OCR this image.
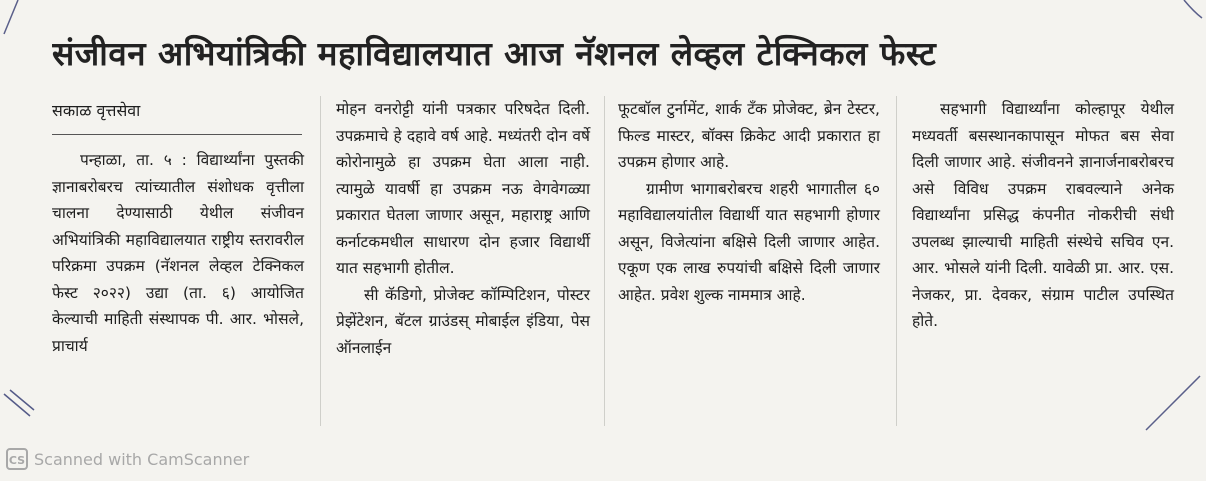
संजीवन अभियांत्रिकी महाविद्यालयात आज नॅशनल लेव्हल टेक्निकल फेस्ट
सकाळ वृत्तसेवा

पन्हाळा, ता. ५ : विद्यार्थ्यांना पुस्तकी ज्ञानाबरोबरच त्यांच्यातील संशोधक वृत्तीला चालना देण्यासाठी येथील संजीवन अभियांत्रिकी महाविद्यालयात राष्ट्रीय स्तरावरील परिक्रमा उपक्रम (नॅशनल लेव्हल टेक्निकल फेस्ट २०२२) उद्या (ता. ६) आयोजित केल्याची माहिती संस्थापक पी. आर. भोसले, प्राचार्य

मोहन वनरोट्टी यांनी पत्रकार परिषदेत दिली. उपक्रमाचे हे दहावे वर्ष आहे. मध्यंतरी दोन वर्षे कोरोनामुळे हा उपक्रम घेता आला नाही. त्यामुळे यावर्षी हा उपक्रम नऊ वेगवेगळ्या प्रकारात घेतला जाणार असून, महाराष्ट्र आणि कर्नाटकमधील साधारण दोन हजार विद्यार्थी यात सहभागी होतील.

सी कॅडिगो, प्रोजेक्ट कॉम्पिटिशन, पोस्टर प्रेझेंटेशन, बॅटल ग्राउंडस् मोबाईल इंडिया, पेस ऑनलाईन

फूटबॉल टुर्नामेंट, शार्क टँक प्रोजेक्ट, ब्रेन टेस्टर, फिल्ड मास्टर, बॉक्स क्रिकेट आदी प्रकारात हा उपक्रम होणार आहे.

ग्रामीण भागाबरोबरच शहरी भागातील ६० महाविद्यालयांतील विद्यार्थी यात सहभागी होणार असून, विजेत्यांना बक्षिसे दिली जाणार आहेत. एकूण एक लाख रुपयांची बक्षिसे दिली जाणार आहेत. प्रवेश शुल्क नाममात्र आहे.

सहभागी विद्यार्थ्यांना कोल्हापूर येथील मध्यवर्ती बसस्थानकापासून मोफत बस सेवा दिली जाणार आहे. संजीवनने ज्ञानार्जनाबरोबरच असे विविध उपक्रम राबवल्याने अनेक विद्यार्थ्यांना प्रसिद्ध कंपनीत नोकरीची संधी उपलब्ध झाल्याची माहिती संस्थेचे सचिव एन. आर. भोसले यांनी दिली. यावेळी प्रा. आर. एस. नेजकर, प्रा. देवकर, संग्राम पाटील उपस्थित होते.

CS Scanned with CamScanner
